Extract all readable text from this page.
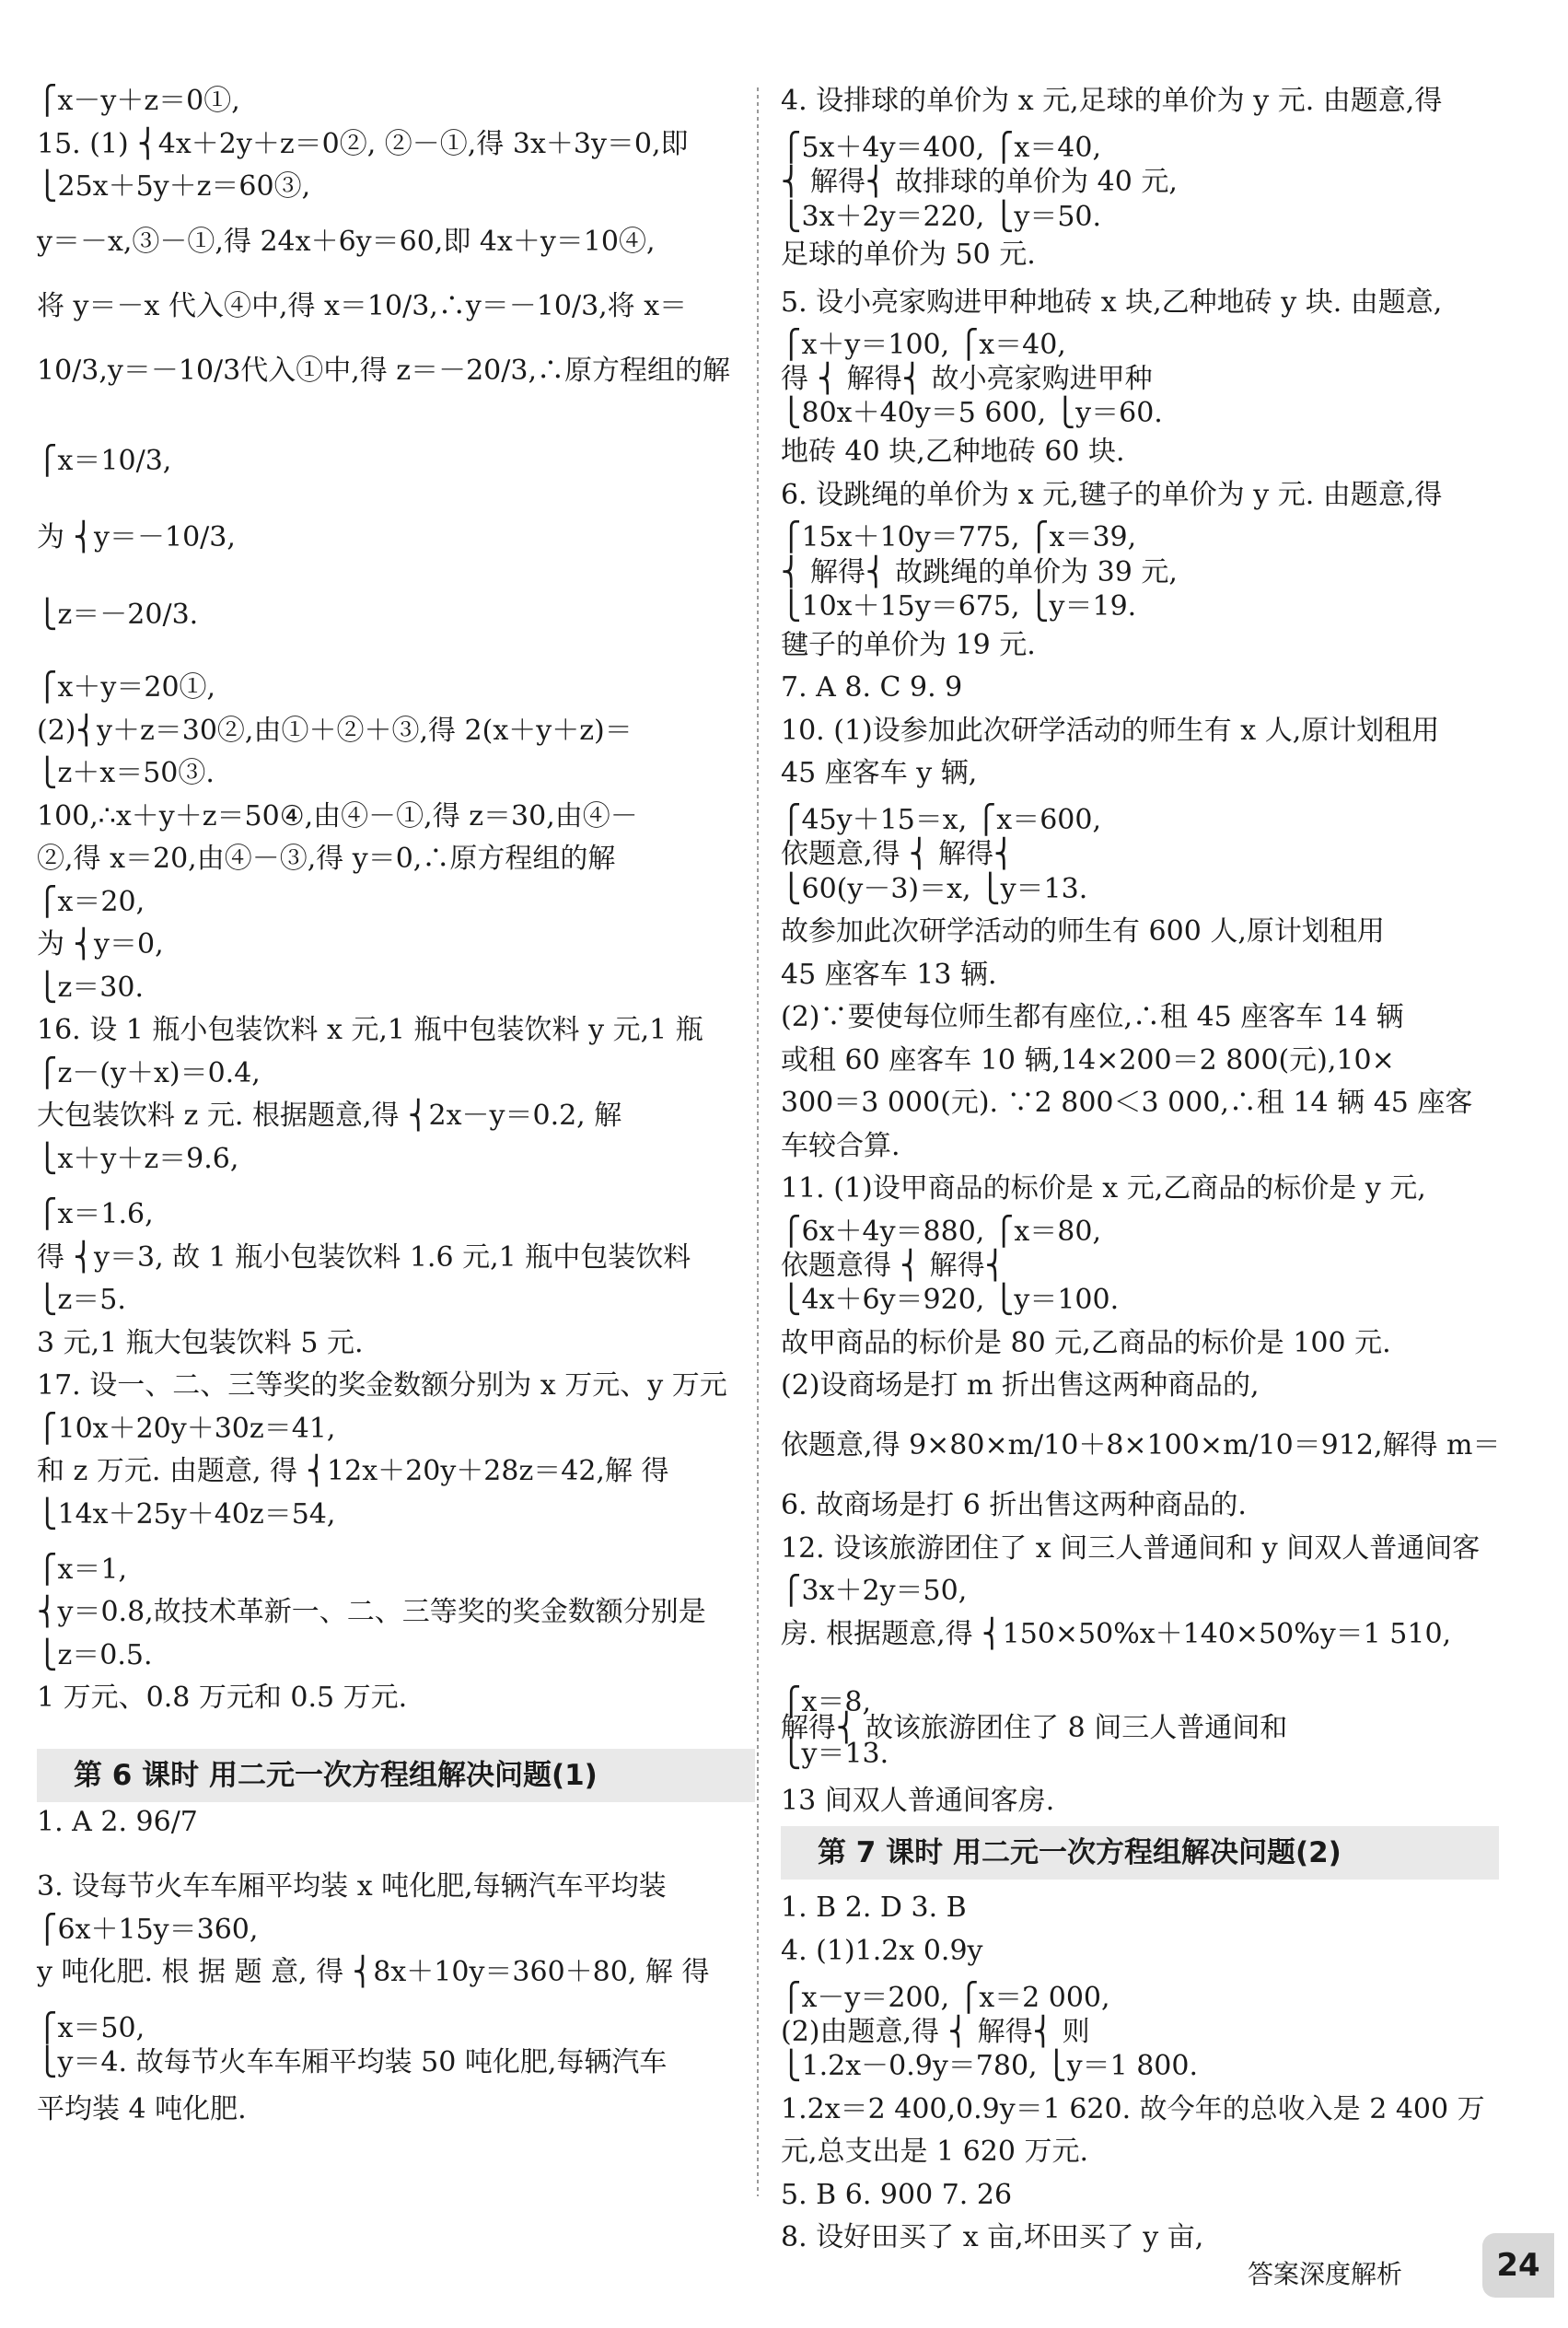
⎧x－y＋z＝0①,
15. (1) ⎨4x＋2y＋z＝0②, ②－①,得 3x＋3y＝0,即
⎩25x＋5y＋z＝60③,
y＝－x,③－①,得 24x＋6y＝60,即 4x＋y＝10④,
将 y＝－x 代入④中,得 x＝10/3,∴y＝－10/3,将 x＝
10/3,y＝－10/3代入①中,得 z＝－20/3,∴原方程组的解
⎧x＝10/3,
为 ⎨y＝－10/3,
⎩z＝－20/3.
⎧x＋y＝20①,
(2)⎨y＋z＝30②,由①＋②＋③,得 2(x＋y＋z)＝
⎩z＋x＝50③.
100,∴x＋y＋z＝50④,由④－①,得 z＝30,由④－
②,得 x＝20,由④－③,得 y＝0,∴原方程组的解
⎧x＝20,
为 ⎨y＝0,
⎩z＝30.
16. 设 1 瓶小包装饮料 x 元,1 瓶中包装饮料 y 元,1 瓶
⎧z－(y＋x)＝0.4,
大包装饮料 z 元. 根据题意,得 ⎨2x－y＝0.2, 解
⎩x＋y＋z＝9.6,
⎧x＝1.6,
得 ⎨y＝3, 故 1 瓶小包装饮料 1.6 元,1 瓶中包装饮料
⎩z＝5.
3 元,1 瓶大包装饮料 5 元.
17. 设一、二、三等奖的奖金数额分别为 x 万元、y 万元
⎧10x＋20y＋30z＝41,
和 z 万元. 由题意, 得 ⎨12x＋20y＋28z＝42,解 得
⎩14x＋25y＋40z＝54,
⎧x＝1,
⎨y＝0.8,故技术革新一、二、三等奖的奖金数额分别是
⎩z＝0.5.
1 万元、0.8 万元和 0.5 万元.
1. A 2. 96/7
3. 设每节火车车厢平均装 x 吨化肥,每辆汽车平均装
⎧6x＋15y＝360,
y 吨化肥. 根 据 题 意, 得 ⎨8x＋10y＝360＋80, 解 得
⎧x＝50,
⎩y＝4. 故每节火车车厢平均装 50 吨化肥,每辆汽车
平均装 4 吨化肥.
第 6 课时 用二元一次方程组解决问题(1)
4. 设排球的单价为 x 元,足球的单价为 y 元. 由题意,得
⎧5x＋4y＝400, ⎧x＝40,
⎨ 解得⎨ 故排球的单价为 40 元,
⎩3x＋2y＝220, ⎩y＝50.
足球的单价为 50 元.
5. 设小亮家购进甲种地砖 x 块,乙种地砖 y 块. 由题意,
⎧x＋y＝100, ⎧x＝40,
得 ⎨ 解得⎨ 故小亮家购进甲种
⎩80x＋40y＝5 600, ⎩y＝60.
地砖 40 块,乙种地砖 60 块.
6. 设跳绳的单价为 x 元,毽子的单价为 y 元. 由题意,得
⎧15x＋10y＝775, ⎧x＝39,
⎨ 解得⎨ 故跳绳的单价为 39 元,
⎩10x＋15y＝675, ⎩y＝19.
毽子的单价为 19 元.
7. A 8. C 9. 9
10. (1)设参加此次研学活动的师生有 x 人,原计划租用
45 座客车 y 辆,
⎧45y＋15＝x, ⎧x＝600,
依题意,得 ⎨ 解得⎨
⎩60(y－3)＝x, ⎩y＝13.
故参加此次研学活动的师生有 600 人,原计划租用
45 座客车 13 辆.
(2)∵要使每位师生都有座位,∴租 45 座客车 14 辆
或租 60 座客车 10 辆,14×200＝2 800(元),10×
300＝3 000(元). ∵2 800＜3 000,∴租 14 辆 45 座客
车较合算.
11. (1)设甲商品的标价是 x 元,乙商品的标价是 y 元,
⎧6x＋4y＝880, ⎧x＝80,
依题意得 ⎨ 解得⎨
⎩4x＋6y＝920, ⎩y＝100.
故甲商品的标价是 80 元,乙商品的标价是 100 元.
(2)设商场是打 m 折出售这两种商品的,
依题意,得 9×80×m/10＋8×100×m/10＝912,解得 m＝
6. 故商场是打 6 折出售这两种商品的.
12. 设该旅游团住了 x 间三人普通间和 y 间双人普通间客
⎧3x＋2y＝50,
房. 根据题意,得 ⎨150×50%x＋140×50%y＝1 510,
⎧x＝8,
解得⎨ 故该旅游团住了 8 间三人普通间和
⎩y＝13.
13 间双人普通间客房.
1. B 2. D 3. B
4. (1)1.2x 0.9y
⎧x－y＝200, ⎧x＝2 000,
(2)由题意,得 ⎨ 解得⎨ 则
⎩1.2x－0.9y＝780, ⎩y＝1 800.
1.2x＝2 400,0.9y＝1 620. 故今年的总收入是 2 400 万
元,总支出是 1 620 万元.
5. B 6. 900 7. 26
8. 设好田买了 x 亩,坏田买了 y 亩,
第 7 课时 用二元一次方程组解决问题(2)
答案深度解析	24
